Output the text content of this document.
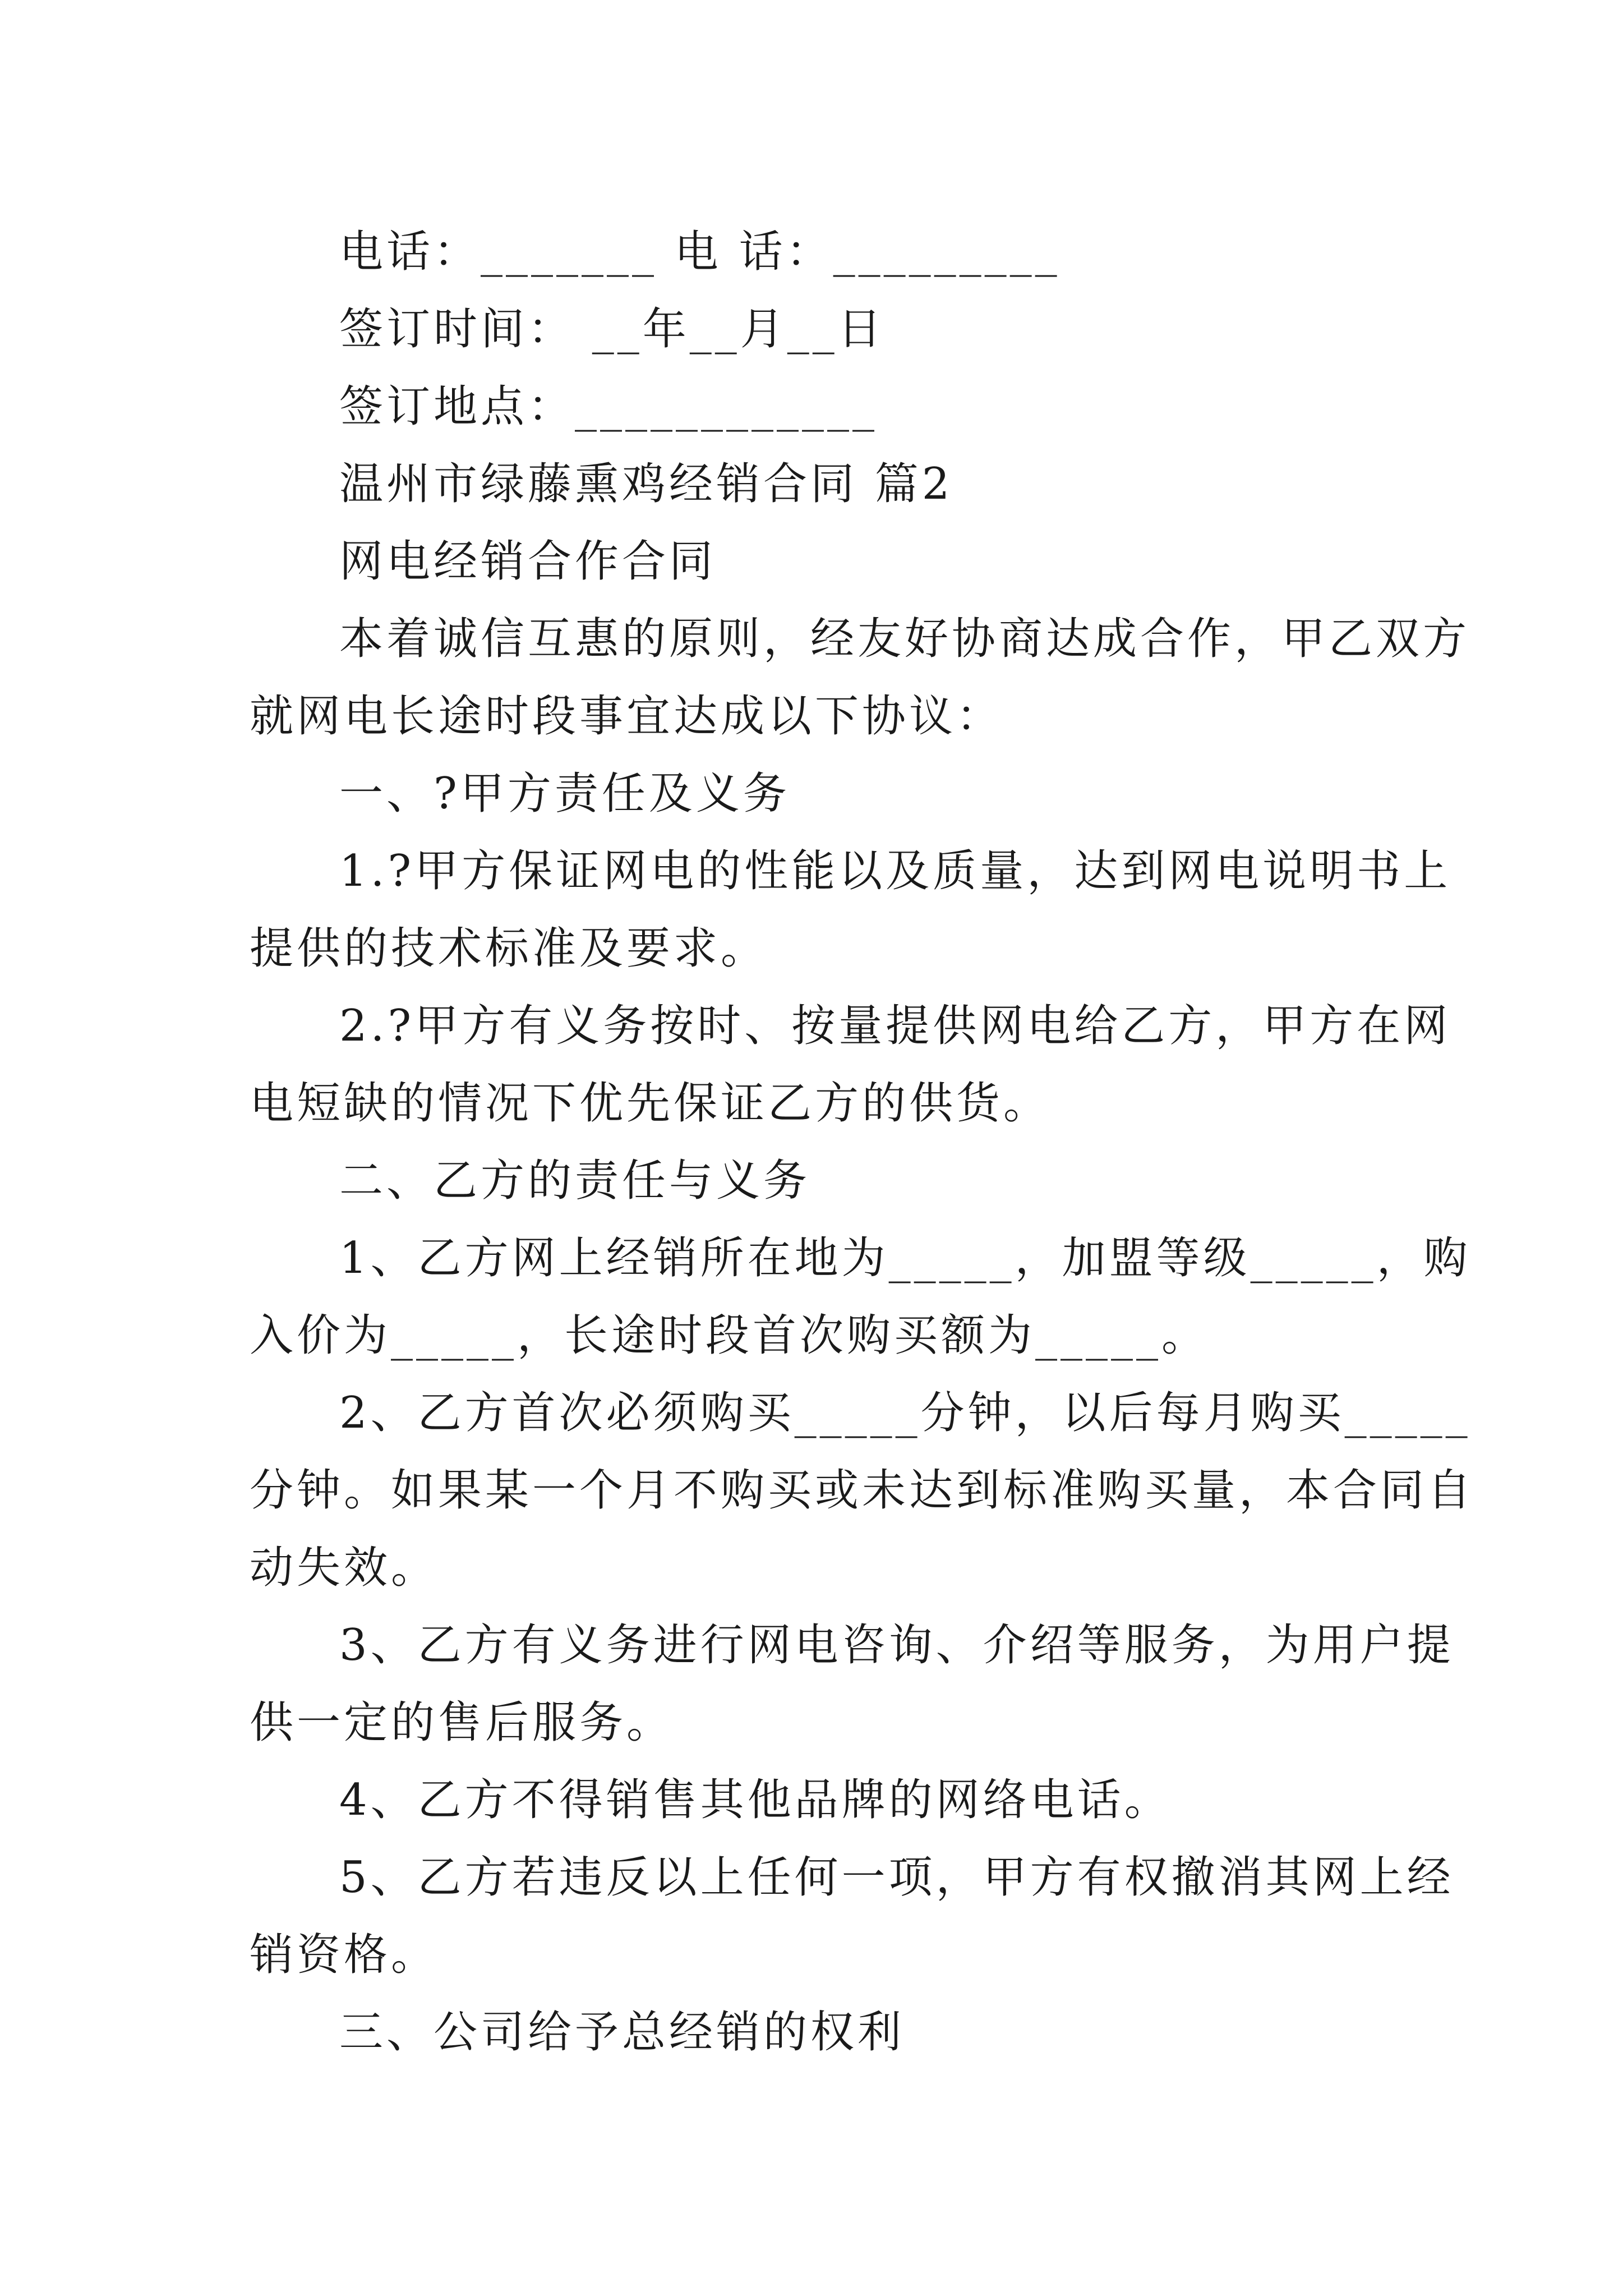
电话：_______ 电 话：_________
签订时间： __年__月__日
签订地点：____________
温州市绿藤熏鸡经销合同 篇2
网电经销合作合同
本着诚信互惠的原则，经友好协商达成合作，甲乙双方
就网电长途时段事宜达成以下协议：
一、?甲方责任及义务
1.?甲方保证网电的性能以及质量，达到网电说明书上
提供的技术标准及要求。
2.?甲方有义务按时、按量提供网电给乙方，甲方在网
电短缺的情况下优先保证乙方的供货。
二、乙方的责任与义务
1、乙方网上经销所在地为_____，加盟等级_____，购
入价为_____，长途时段首次购买额为_____。
2、乙方首次必须购买_____分钟，以后每月购买_____
分钟。如果某一个月不购买或未达到标准购买量，本合同自
动失效。
3、乙方有义务进行网电咨询、介绍等服务，为用户提
供一定的售后服务。
4、乙方不得销售其他品牌的网络电话。
5、乙方若违反以上任何一项，甲方有权撤消其网上经
销资格。
三、公司给予总经销的权利
